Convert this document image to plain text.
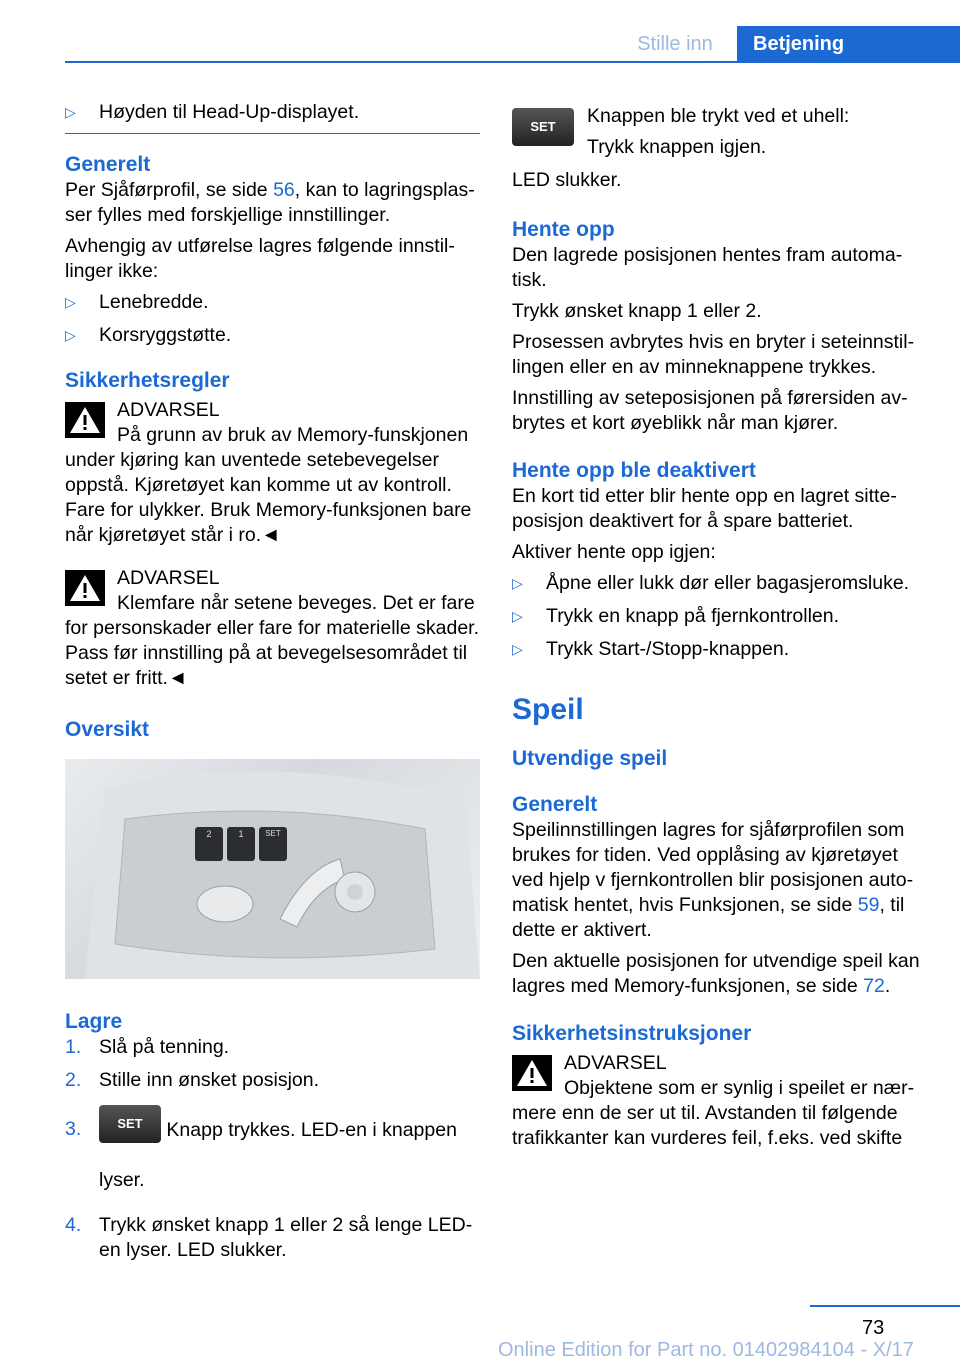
Stille inn	Betjening
▷ Høyden til Head-Up-displayet.
Generelt

Per Sjåførprofil, se side 56, kan to lagringsplasser fylles med forskjellige innstillinger.

Avhengig av utførelse lagres følgende innstillinger ikke:

▷ Lenebredde.
▷ Korsryggstøtte.
Sikkerhetsregler
ADVARSEL
På grunn av bruk av Memory-funskjonen under kjøring kan uventede setebevegelser oppstå. Kjøretøyet kan komme ut av kontroll. Fare for ulykker. Bruk Memory-funksjonen bare når kjøretøyet står i ro.◄
ADVARSEL
Klemfare når setene beveges. Det er fare for personskader eller fare for materielle skader. Pass før innstilling på at bevegelsesområdet til setet er fritt.◄
Oversikt
2	1	SET
Lagre
1. Slå på tenning.
2. Stille inn ønsket posisjon.
3.	SET Knapp trykkes. LED-en i knappen lyser.
4. Trykk ønsket knapp 1 eller 2 så lenge LED-en lyser. LED slukker.
SET	Knappen ble trykt ved et uhell:
Trykk knappen igjen.

LED slukker.

Hente opp

Den lagrede posisjonen hentes fram automatisk.

Trykk ønsket knapp 1 eller 2.

Prosessen avbrytes hvis en bryter i seteinnstillingen eller en av minneknappene trykkes.

Innstilling av seteposisjonen på førersiden avbrytes et kort øyeblikk når man kjører.

Hente opp ble deaktivert

En kort tid etter blir hente opp en lagret sitteposisjon deaktivert for å spare batteriet.

Aktiver hente opp igjen:

▷ Åpne eller lukk dør eller bagasjeromsluke.
▷ Trykk en knapp på fjernkontrollen.
▷ Trykk Start-/Stopp-knappen.
Speil
Utvendige speil
Generelt

Speilinnstillingen lagres for sjåførprofilen som brukes for tiden. Ved opplåsing av kjøretøyet ved hjelp v fjernkontrollen blir posisjonen automatisk hentet, hvis Funksjonen, se side 59, til dette er aktivert.

Den aktuelle posisjonen for utvendige speil kan lagres med Memory-funksjonen, se side 72.

Sikkerhetsinstruksjoner
ADVARSEL
Objektene som er synlig i speilet er nærmere enn de ser ut til. Avstanden til følgende trafikkanter kan vurderes feil, f.eks. ved skifte
73
Online Edition for Part no. 01402984104 - X/17
